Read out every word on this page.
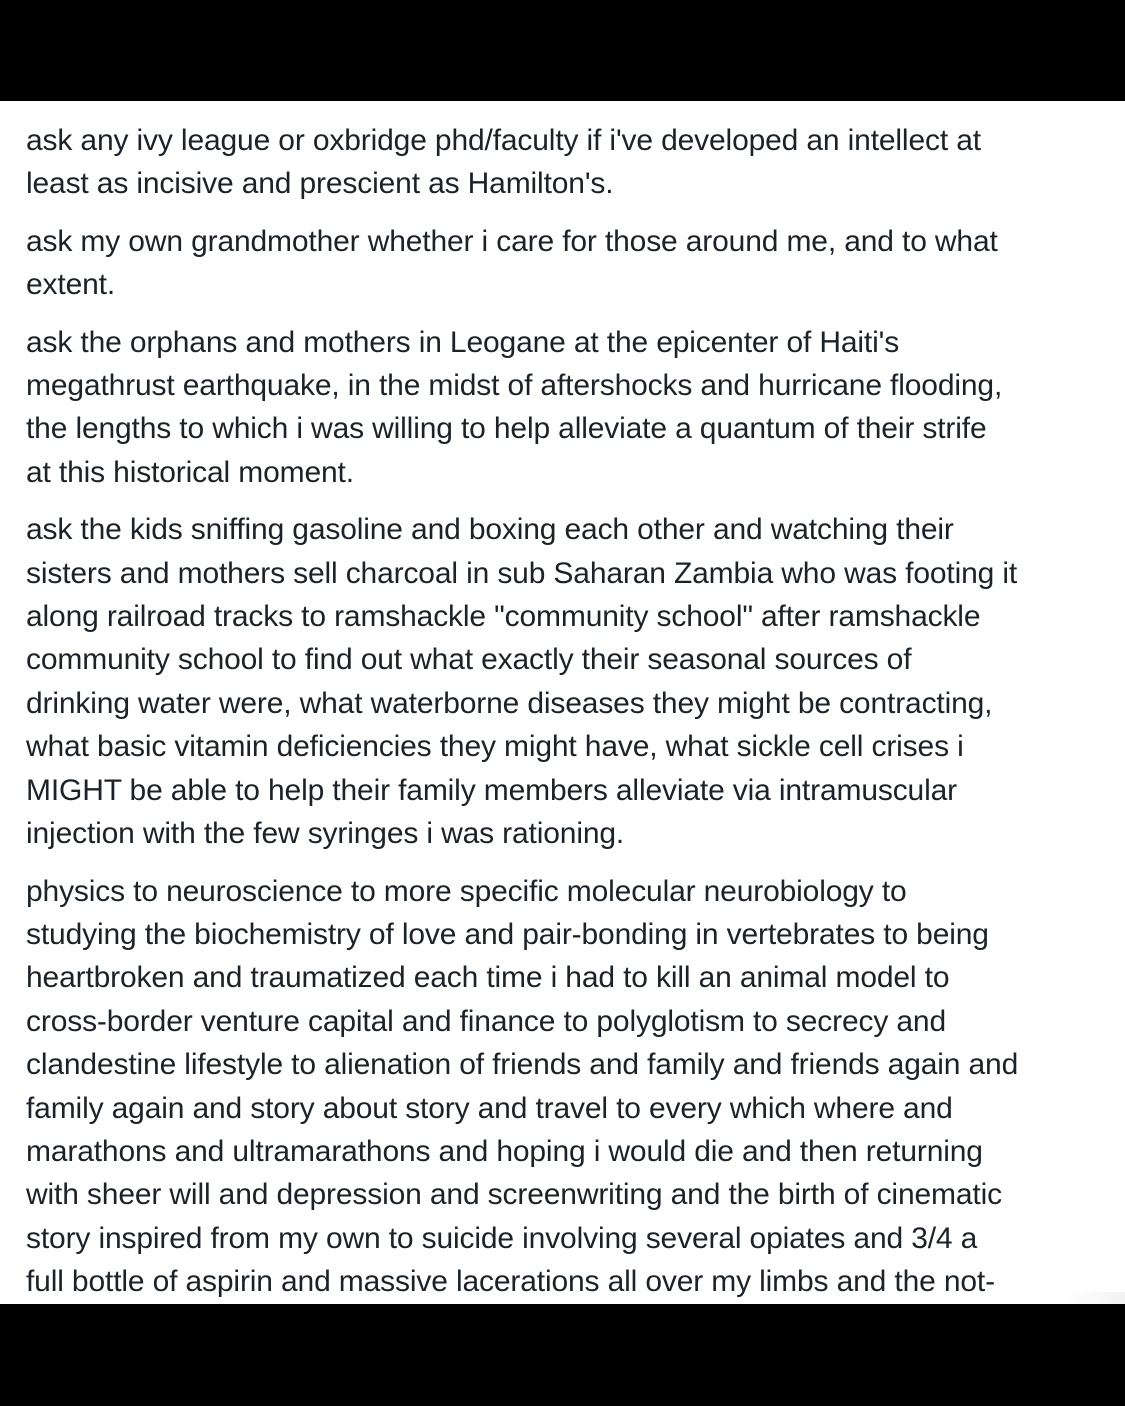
ask any ivy league or oxbridge phd/faculty if i've developed an intellect at
least as incisive and prescient as Hamilton's.

ask my own grandmother whether i care for those around me, and to what
extent.

ask the orphans and mothers in Leogane at the epicenter of Haiti's
megathrust earthquake, in the midst of aftershocks and hurricane flooding,
the lengths to which i was willing to help alleviate a quantum of their strife
at this historical moment.

ask the kids sniffing gasoline and boxing each other and watching their
sisters and mothers sell charcoal in sub Saharan Zambia who was footing it
along railroad tracks to ramshackle "community school" after ramshackle
community school to find out what exactly their seasonal sources of
drinking water were, what waterborne diseases they might be contracting,
what basic vitamin deficiencies they might have, what sickle cell crises i
MIGHT be able to help their family members alleviate via intramuscular
injection with the few syringes i was rationing.

physics to neuroscience to more specific molecular neurobiology to
studying the biochemistry of love and pair-bonding in vertebrates to being
heartbroken and traumatized each time i had to kill an animal model to
cross-border venture capital and finance to polyglotism to secrecy and
clandestine lifestyle to alienation of friends and family and friends again and
family again and story about story and travel to every which where and
marathons and ultramarathons and hoping i would die and then returning
with sheer will and depression and screenwriting and the birth of cinematic
story inspired from my own to suicide involving several opiates and 3/4 a
full bottle of aspirin and massive lacerations all over my limbs and the not-
